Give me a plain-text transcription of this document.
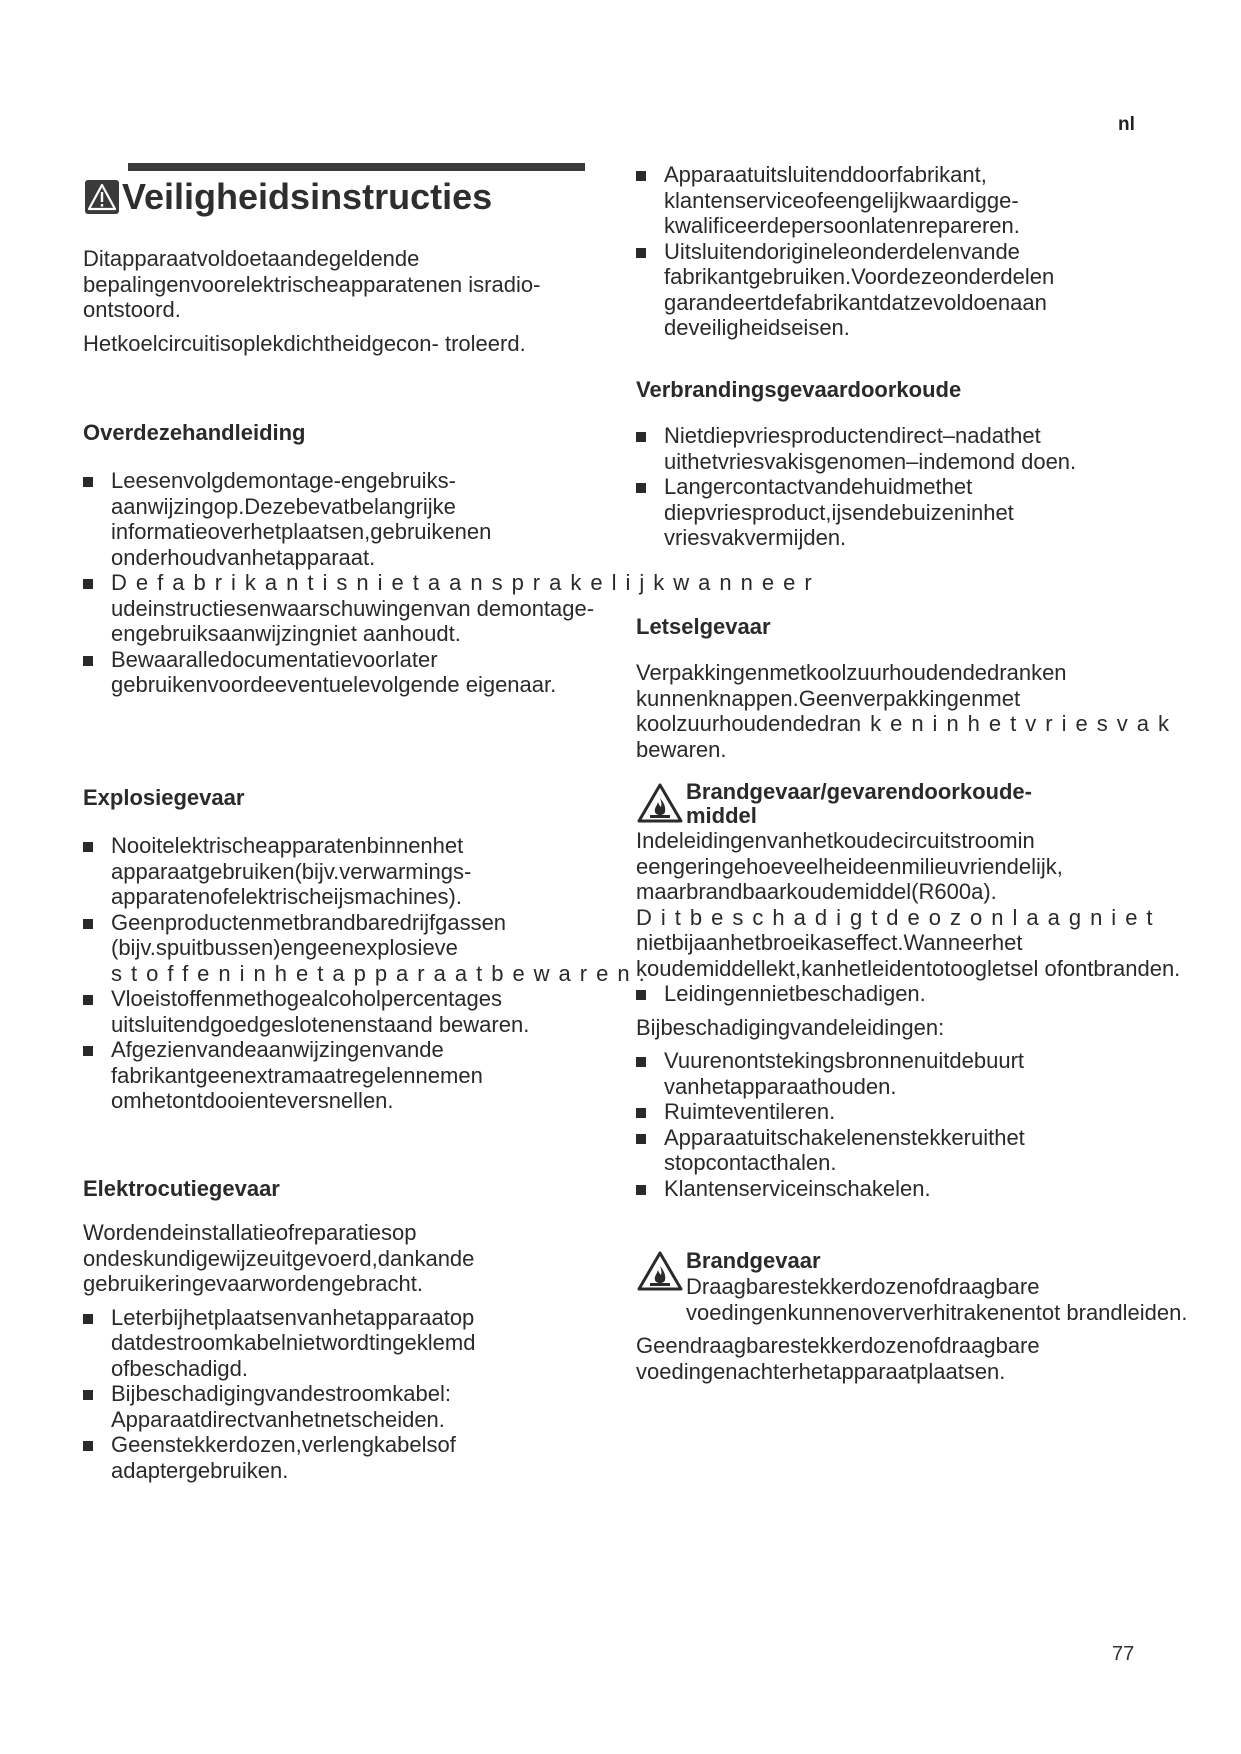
nl
Veiligheidsinstructies

Ditapparaatvoldoetaandegeldende bepalingenvoorelektrischeapparatenen isradio-ontstoord.

Hetkoelcircuitisoplekdichtheidgecon- troleerd.

Overdezehandleiding

Leesenvolgdemontage-engebruiks- aanwijzingop.Dezebevatbelangrijke informatieoverhetplaatsen,gebruikenen onderhoudvanhetapparaat.
Defabrikantisnietaansprakelijkwanneer
udeinstructiesenwaarschuwingenvan demontage-engebruiksaanwijzingniet aanhoudt.
Bewaaralledocumentatievoorlater gebruikenvoordeeventuelevolgende eigenaar.

Explosiegevaar

Nooitelektrischeapparatenbinnenhet apparaatgebruiken(bijv.verwarmings- apparatenofelektrischeijsmachines).
Geenproductenmetbrandbaredrijfgassen (bijv.spuitbussen)engeenexplosieve
stoffeninhetapparaatbewaren.
Vloeistoffenmethogealcoholpercentages uitsluitendgoedgeslotenenstaand bewaren.
Afgezienvandeaanwijzingenvande fabrikantgeenextramaatregelennemen omhetontdooienteversnellen.

Elektrocutiegevaar

Wordendeinstallatieofreparatiesop ondeskundigewijzeuitgevoerd,dankande gebruikeringevaarwordengebracht.

Leterbijhetplaatsenvanhetapparaatop datdestroomkabelnietwordtingeklemd ofbeschadigd.
Bijbeschadigingvandestroomkabel: Apparaatdirectvanhetnetscheiden.
Geenstekkerdozen,verlengkabelsof adaptergebruiken.
Apparaatuitsluitenddoorfabrikant, klantenserviceofeengelijkwaardigge- kwalificeerdepersoonlatenrepareren.
Uitsluitendorigineleonderdelenvande fabrikantgebruiken.Voordezeonderdelen garandeertdefabrikantdatzevoldoenaan deveiligheidseisen.

Verbrandingsgevaardoorkoude

Nietdiepvriesproductendirect–nadathet uithetvriesvakisgenomen–indemond doen.
Langercontactvandehuidmethet diepvriesproduct,ijsendebuizeninhet vriesvakvermijden.

Letselgevaar

Verpakkingenmetkoolzuurhoudendedranken kunnenknappen.Geenverpakkingenmet
koolzuurhoudendedrankeninhetvriesvak
bewaren.

Brandgevaar/gevarendoorkoude- middel

Indeleidingenvanhetkoudecircuitstroomin eengeringehoeveelheideenmilieuvriendelijk, maarbrandbaarkoudemiddel(R600a).
Ditbeschadigtdeozonlaagniet
nietbijaanhetbroeikaseffect.Wanneerhet koudemiddellekt,kanhetleidentotoogletsel ofontbranden.
Leidingennietbeschadigen.

Bijbeschadigingvandeleidingen:

Vuurenontstekingsbronnenuitdebuurt vanhetapparaathouden.
Ruimteventileren.
Apparaatuitschakelenenstekkeruithet stopcontacthalen.
Klantenserviceinschakelen.

Brandgevaar

Draagbarestekkerdozenofdraagbare voedingenkunnenoververhitrakenentot brandleiden.

Geendraagbarestekkerdozenofdraagbare voedingenachterhetapparaatplaatsen.

77
